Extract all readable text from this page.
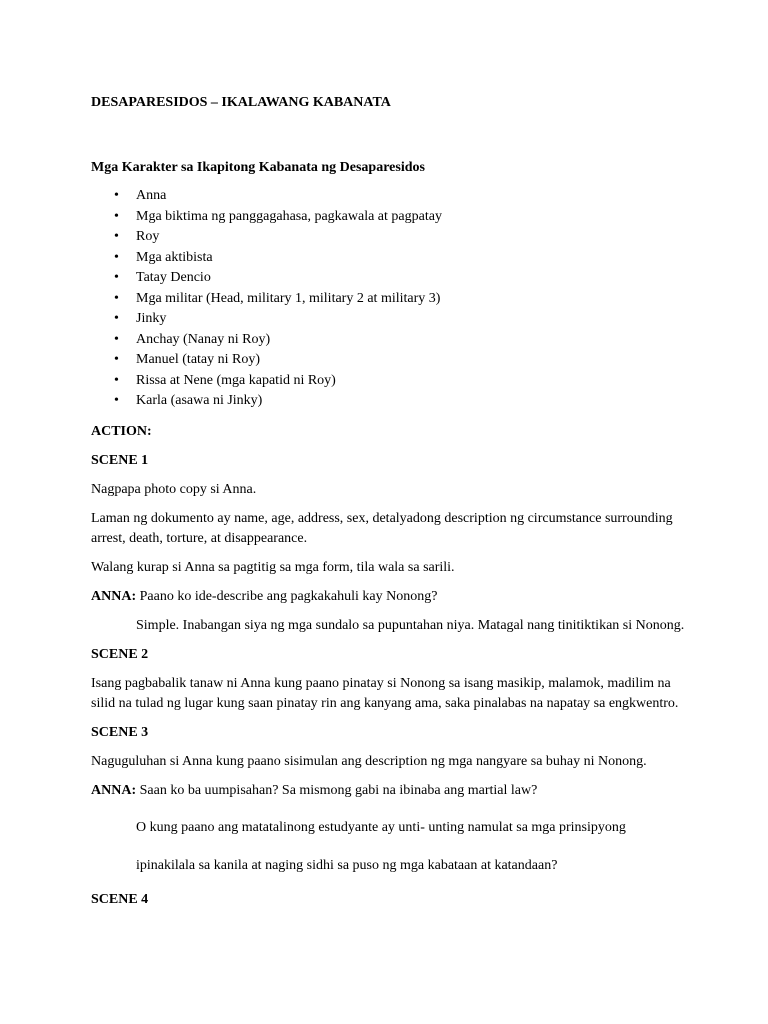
DESAPARESIDOS – IKALAWANG KABANATA
Mga Karakter sa Ikapitong Kabanata ng Desaparesidos
• Anna
• Mga biktima ng panggagahasa, pagkawala at pagpatay
• Roy
• Mga aktibista
• Tatay Dencio
• Mga militar (Head, military 1, military 2 at military 3)
• Jinky
• Anchay (Nanay ni Roy)
• Manuel (tatay ni Roy)
• Rissa at Nene (mga kapatid ni Roy)
• Karla (asawa ni Jinky)
ACTION:
SCENE 1

Nagpapa photo copy si Anna.

Laman ng dokumento ay name, age, address, sex, detalyadong description ng circumstance surrounding arrest, death, torture, at disappearance.

Walang kurap si Anna sa pagtitig sa mga form, tila wala sa sarili.

ANNA: Paano ko ide-describe ang pagkakahuli kay Nonong?

Simple. Inabangan siya ng mga sundalo sa pupuntahan niya. Matagal nang tinitiktikan si Nonong.

SCENE 2

Isang pagbabalik tanaw ni Anna kung paano pinatay si Nonong sa isang masikip, malamok, madilim na silid na tulad ng lugar kung saan pinatay rin ang kanyang ama, saka pinalabas na napatay sa engkwentro.

SCENE 3

Naguguluhan si Anna kung paano sisimulan ang description ng mga nangyare sa buhay ni Nonong.

ANNA: Saan ko ba uumpisahan? Sa mismong gabi na ibinaba ang martial law?

O kung paano ang matatalinong estudyante ay unti- unting namulat sa mga prinsipyong

ipinakilala sa kanila at naging sidhi sa puso ng mga kabataan at katandaan?

SCENE 4
